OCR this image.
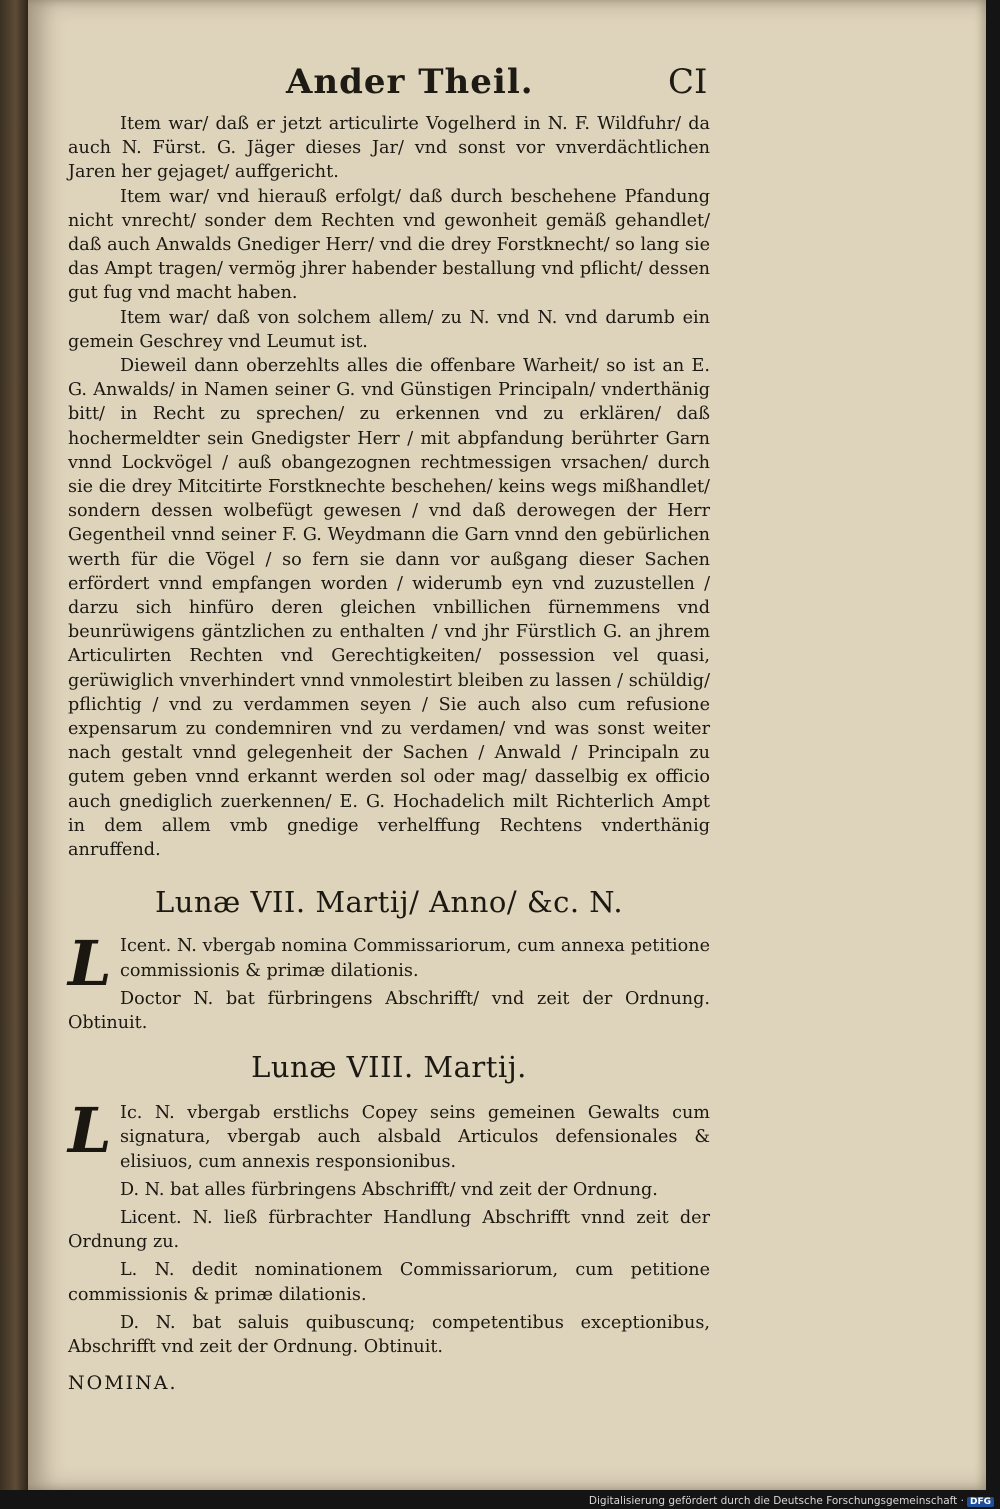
Ander Theil.	CI

Item war/ daß er jetzt articulirte Vogelherd in N. F. Wildfuhr/ da auch N. Fürst. G. Jäger dieses Jar/ vnd sonst vor vnverdächtlichen Jaren her gejaget/ auffgericht.

Item war/ vnd hierauß erfolgt/ daß durch beschehene Pfandung nicht vnrecht/ sonder dem Rechten vnd gewonheit gemäß gehandlet/ daß auch Anwalds Gnediger Herr/ vnd die drey Forstknecht/ so lang sie das Ampt tragen/ vermög jhrer habender bestallung vnd pflicht/ dessen gut fug vnd macht haben.

Item war/ daß von solchem allem/ zu N. vnd N. vnd darumb ein gemein Geschrey vnd Leumut ist.

Dieweil dann oberzehlts alles die offenbare Warheit/ so ist an E. G. Anwalds/ in Namen seiner G. vnd Günstigen Principaln/ vnderthänig bitt/ in Recht zu sprechen/ zu erkennen vnd zu erklären/ daß hochermeldter sein Gnedigster Herr / mit abpfandung berührter Garn vnnd Lockvögel / auß obangezognen rechtmessigen vrsachen/ durch sie die drey Mitcitirte Forstknechte beschehen/ keins wegs mißhandlet/ sondern dessen wolbefügt gewesen / vnd daß derowegen der Herr Gegentheil vnnd seiner F. G. Weydmann die Garn vnnd den gebürlichen werth für die Vögel / so fern sie dann vor außgang dieser Sachen erfördert vnnd empfangen worden / widerumb eyn vnd zuzustellen / darzu sich hinfüro deren gleichen vnbillichen fürnemmens vnd beunrüwigens gäntzlichen zu enthalten / vnd jhr Fürstlich G. an jhrem Articulirten Rechten vnd Gerechtigkeiten/ possession vel quasi, gerüwiglich vnverhindert vnnd vnmolestirt bleiben zu lassen / schüldig/ pflichtig / vnd zu verdammen seyen / Sie auch also cum refusione expensarum zu condemniren vnd zu verdamen/ vnd was sonst weiter nach gestalt vnnd gelegenheit der Sachen / Anwald / Principaln zu gutem geben vnnd erkannt werden sol oder mag/ dasselbig ex officio auch gnediglich zuerkennen/ E. G. Hochadelich milt Richterlich Ampt in dem allem vmb gnedige verhelffung Rechtens vnderthänig anruffend.

Lunæ VII. Martij/ Anno/ &c. N.

L Icent. N. vbergab nomina Commissariorum, cum annexa petitione commissionis & primæ dilationis.

Doctor N. bat fürbringens Abschrifft/ vnd zeit der Ordnung. Obtinuit.

Lunæ VIII. Martij.

L Ic. N. vbergab erstlichs Copey seins gemeinen Gewalts cum signatura, vbergab auch alsbald Articulos defensionales & elisiuos, cum annexis responsionibus.

D. N. bat alles fürbringens Abschrifft/ vnd zeit der Ordnung.

Licent. N. ließ fürbrachter Handlung Abschrifft vnnd zeit der Ordnung zu.

L. N. dedit nominationem Commissariorum, cum petitione commissionis & primæ dilationis.

D. N. bat saluis quibuscunq; competentibus exceptionibus, Abschrifft vnd zeit der Ordnung. Obtinuit.

NOMINA.

Digitalisierung gefördert durch die Deutsche Forschungsgemeinschaft · DFG
